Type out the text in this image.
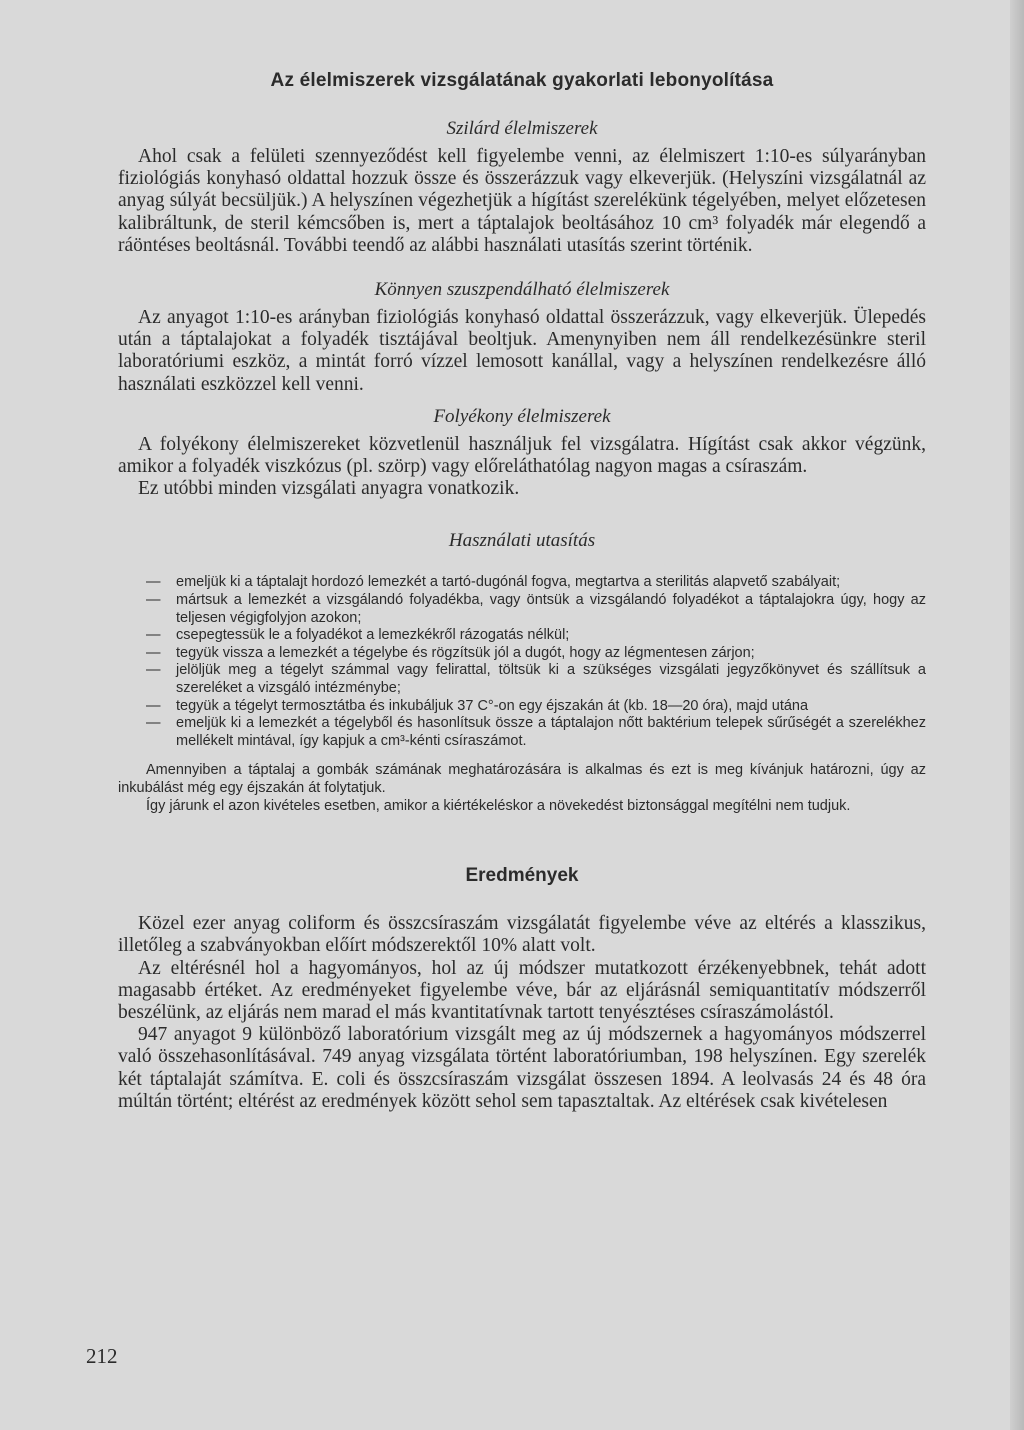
Az élelmiszerek vizsgálatának gyakorlati lebonyolítása
Szilárd élelmiszerek

Ahol csak a felületi szennyeződést kell figyelembe venni, az élelmiszert 1:10-es súlyarányban fiziológiás konyhasó oldattal hozzuk össze és összerázzuk vagy elkeverjük. (Helyszíni vizsgálatnál az anyag súlyát becsüljük.) A helyszínen végezhetjük a hígítást szerelékünk tégelyében, melyet előzetesen kalibráltunk, de steril kémcsőben is, mert a táptalajok beoltásához 10 cm³ folyadék már elegendő a ráöntéses beoltásnál. További teendő az alábbi használati utasítás szerint történik.

Könnyen szuszpendálható élelmiszerek

Az anyagot 1:10-es arányban fiziológiás konyhasó oldattal összerázzuk, vagy elkeverjük. Ülepedés után a táptalajokat a folyadék tisztájával beoltjuk. Amenynyiben nem áll rendelkezésünkre steril laboratóriumi eszköz, a mintát forró vízzel lemosott kanállal, vagy a helyszínen rendelkezésre álló használati eszközzel kell venni.

Folyékony élelmiszerek

A folyékony élelmiszereket közvetlenül használjuk fel vizsgálatra. Hígítást csak akkor végzünk, amikor a folyadék viszkózus (pl. szörp) vagy előreláthatólag nagyon magas a csíraszám.

Ez utóbbi minden vizsgálati anyagra vonatkozik.

Használati utasítás
— emeljük ki a táptalajt hordozó lemezkét a tartó-dugónál fogva, megtartva a sterilitás alapvető szabályait;
— mártsuk a lemezkét a vizsgálandó folyadékba, vagy öntsük a vizsgálandó folyadékot a táptalajokra úgy, hogy az teljesen végigfolyjon azokon;
— csepegtessük le a folyadékot a lemezkékről rázogatás nélkül;
— tegyük vissza a lemezkét a tégelybe és rögzítsük jól a dugót, hogy az légmentesen zárjon;
— jelöljük meg a tégelyt számmal vagy felirattal, töltsük ki a szükséges vizsgálati jegyzőkönyvet és szállítsuk a szereléket a vizsgáló intézménybe;
— tegyük a tégelyt termosztátba és inkubáljuk 37 C°-on egy éjszakán át (kb. 18—20 óra), majd utána
— emeljük ki a lemezkét a tégelyből és hasonlítsuk össze a táptalajon nőtt baktérium telepek sűrűségét a szerelékhez mellékelt mintával, így kapjuk a cm³-kénti csíraszámot.

Amennyiben a táptalaj a gombák számának meghatározására is alkalmas és ezt is meg kívánjuk határozni, úgy az inkubálást még egy éjszakán át folytatjuk.

Így járunk el azon kivételes esetben, amikor a kiértékeléskor a növekedést biztonsággal megítélni nem tudjuk.

Eredmények

Közel ezer anyag coliform és összcsíraszám vizsgálatát figyelembe véve az eltérés a klasszikus, illetőleg a szabványokban előírt módszerektől 10% alatt volt.

Az eltérésnél hol a hagyományos, hol az új módszer mutatkozott érzékenyebbnek, tehát adott magasabb értéket. Az eredményeket figyelembe véve, bár az eljárásnál semiquantitatív módszerről beszélünk, az eljárás nem marad el más kvantitatívnak tartott tenyésztéses csíraszámolástól.

947 anyagot 9 különböző laboratórium vizsgált meg az új módszernek a hagyományos módszerrel való összehasonlításával. 749 anyag vizsgálata történt laboratóriumban, 198 helyszínen. Egy szerelék két táptalaját számítva. E. coli és összcsíraszám vizsgálat összesen 1894. A leolvasás 24 és 48 óra múltán történt; eltérést az eredmények között sehol sem tapasztaltak. Az eltérések csak kivételesen

212
